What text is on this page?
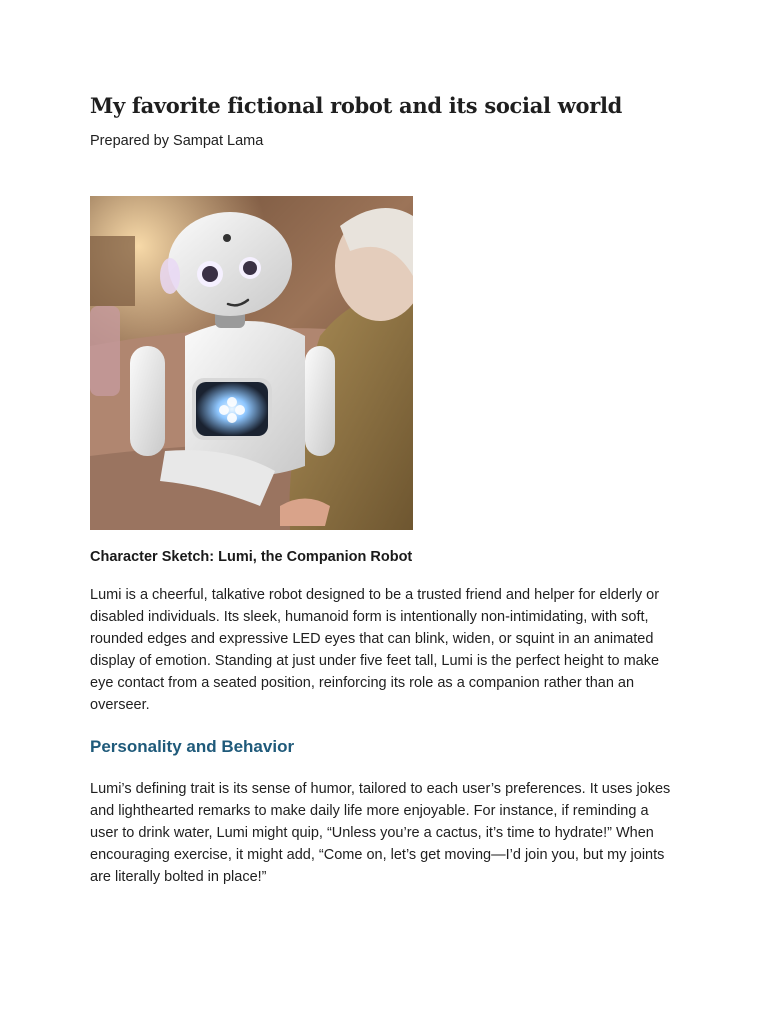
My favorite fictional robot and its social world
Prepared by Sampat Lama
Character Sketch: Lumi, the Companion Robot

Lumi is a cheerful, talkative robot designed to be a trusted friend and helper for elderly or disabled individuals. Its sleek, humanoid form is intentionally non-intimidating, with soft, rounded edges and expressive LED eyes that can blink, widen, or squint in an animated display of emotion. Standing at just under five feet tall, Lumi is the perfect height to make eye contact from a seated position, reinforcing its role as a companion rather than an overseer.

Personality and Behavior

Lumi’s defining trait is its sense of humor, tailored to each user’s preferences. It uses jokes and lighthearted remarks to make daily life more enjoyable. For instance, if reminding a user to drink water, Lumi might quip, “Unless you’re a cactus, it’s time to hydrate!” When encouraging exercise, it might add, “Come on, let’s get moving—I’d join you, but my joints are literally bolted in place!”
